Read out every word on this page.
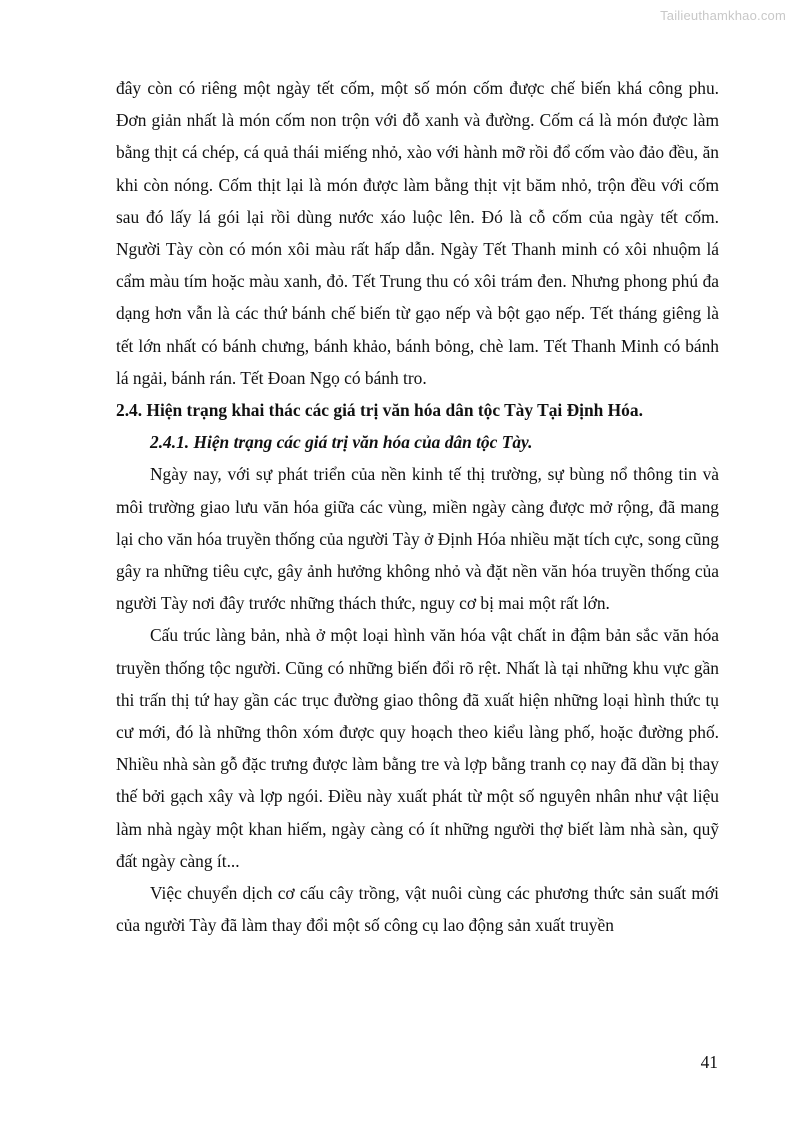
Tailieuthamkhao.com

đây còn có riêng một ngày tết cốm, một số món cốm được chế biến khá công phu. Đơn giản nhất là món cốm non trộn với đỗ xanh và đường. Cốm cá là món được làm bằng thịt cá chép, cá quả thái miếng nhỏ, xào với hành mỡ rồi đổ cốm vào đảo đều, ăn khi còn nóng. Cốm thịt lại là món được làm bằng thịt vịt băm nhỏ, trộn đều với cốm sau đó lấy lá gói lại rồi dùng nước xáo luộc lên. Đó là cỗ cốm của ngày tết cốm. Người Tày còn có món xôi màu rất hấp dẫn. Ngày Tết Thanh minh có xôi nhuộm lá cẩm màu tím hoặc màu xanh, đỏ. Tết Trung thu có xôi trám đen. Nhưng phong phú đa dạng hơn vẫn là các thứ bánh chế biến từ gạo nếp và bột gạo nếp. Tết tháng giêng là tết lớn nhất có bánh chưng, bánh khảo, bánh bỏng, chè lam. Tết Thanh Minh có bánh lá ngải, bánh rán. Tết Đoan Ngọ có bánh tro.

2.4. Hiện trạng khai thác các giá trị văn hóa dân tộc Tày Tại Định Hóa.

2.4.1. Hiện trạng các giá trị văn hóa của dân tộc Tày.

Ngày nay, với sự phát triển của nền kinh tế thị trường, sự bùng nổ thông tin và môi trường giao lưu văn hóa giữa các vùng, miền ngày càng được mở rộng, đã mang lại cho văn hóa truyền thống của người Tày ở Định Hóa nhiều mặt tích cực, song cũng gây ra những tiêu cực, gây ảnh hưởng không nhỏ và đặt nền văn hóa truyền thống của người Tày nơi đây trước những thách thức, nguy cơ bị mai một rất lớn.

Cấu trúc làng bản, nhà ở một loại hình văn hóa vật chất in đậm bản sắc văn hóa truyền thống tộc người. Cũng có những biến đổi rõ rệt. Nhất là tại những khu vực gần thi trấn thị tứ hay gần các trục đường giao thông đã xuất hiện những loại hình thức tụ cư mới, đó là những thôn xóm được quy hoạch theo kiểu làng phố, hoặc đường phố. Nhiều nhà sàn gỗ đặc trưng được làm bằng tre và lợp bằng tranh cọ nay đã dần bị thay thế bởi gạch xây và lợp ngói. Điều này xuất phát từ một số nguyên nhân như vật liệu làm nhà ngày một khan hiếm, ngày càng có ít những người thợ biết làm nhà sàn, quỹ đất ngày càng ít...

Việc chuyển dịch cơ cấu cây trồng, vật nuôi cùng các phương thức sản suất mới của người Tày đã làm thay đổi một số công cụ lao động sản xuất truyền

41
